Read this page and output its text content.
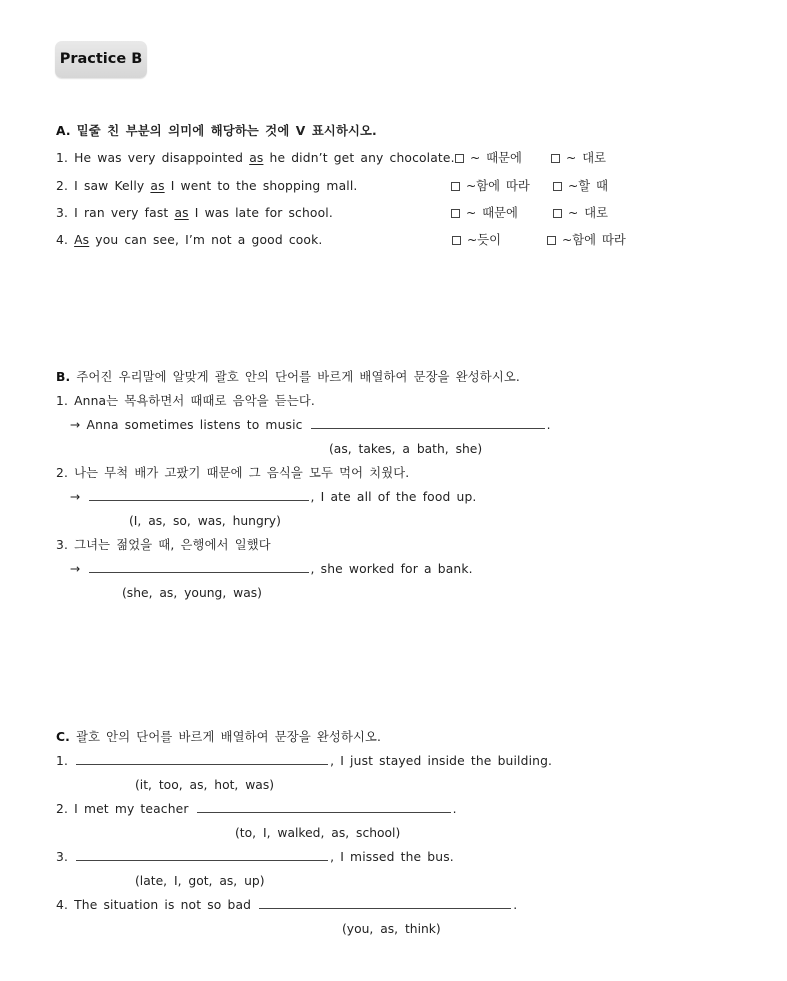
Practice B
A. 밑줄 친 부분의 의미에 해당하는 것에 V 표시하시오.
1. He was very disappointed as he didn’t get any chocolate.	~ 때문에	~ 대로
2. I saw Kelly as I went to the shopping mall.	~함에 따라	~할 때
3. I ran very fast as I was late for school.	~ 때문에	~ 대로
4. As you can see, I’m not a good cook.	~듯이	~함에 따라
B. 주어진 우리말에 알맞게 괄호 안의 단어를 바르게 배열하여 문장을 완성하시오.
1. Anna는 목욕하면서 때때로 음악을 듣는다.
→ Anna sometimes listens to music	.
(as, takes, a bath, she)
2. 나는 무척 배가 고팠기 때문에 그 음식을 모두 먹어 치웠다.
→	, I ate all of the food up.
(I, as, so, was, hungry)
3. 그녀는 젊었을 때, 은행에서 일했다
→	, she worked for a bank.
(she, as, young, was)
C. 괄호 안의 단어를 바르게 배열하여 문장을 완성하시오.
1.	, I just stayed inside the building.
(it, too, as, hot, was)
2. I met my teacher	.
(to, I, walked, as, school)
3.	, I missed the bus.
(late, I, got, as, up)
4. The situation is not so bad	.
(you, as, think)
